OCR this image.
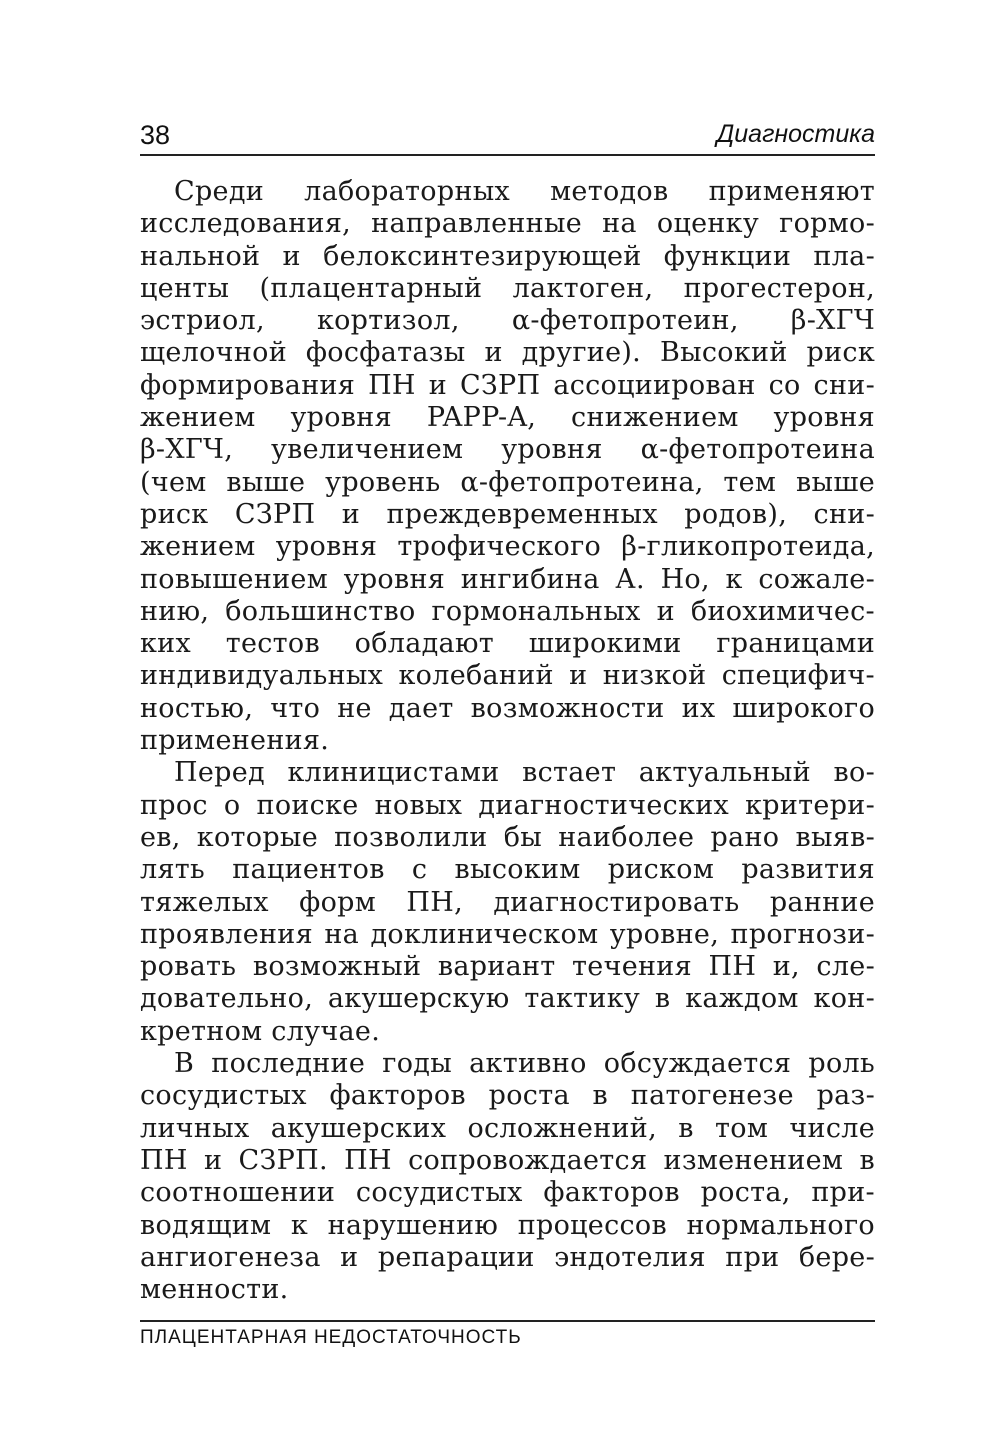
38	Диагностика
Среди лабораторных методов применяют
исследования, направленные на оценку гормо-
нальной и белоксинтезирующей функции пла-
центы (плацентарный лактоген, прогестерон,
эстриол, кортизол, α-фетопротеин, β-ХГЧ
щелочной фосфатазы и другие). Высокий риск
формирования ПН и СЗРП ассоциирован со сни-
жением уровня PAPP-A, снижением уровня
β-ХГЧ, увеличением уровня α-фетопротеина
(чем выше уровень α-фетопротеина, тем выше
риск СЗРП и преждевременных родов), сни-
жением уровня трофического β-гликопротеида,
повышением уровня ингибина А. Но, к сожале-
нию, большинство гормональных и биохимичес-
ких тестов обладают широкими границами
индивидуальных колебаний и низкой специфич-
ностью, что не дает возможности их широкого
применения.
Перед клиницистами встает актуальный во-
прос о поиске новых диагностических критери-
ев, которые позволили бы наиболее рано выяв-
лять пациентов с высоким риском развития
тяжелых форм ПН, диагностировать ранние
проявления на доклиническом уровне, прогнози-
ровать возможный вариант течения ПН и, сле-
довательно, акушерскую тактику в каждом кон-
кретном случае.
В последние годы активно обсуждается роль
сосудистых факторов роста в патогенезе раз-
личных акушерских осложнений, в том числе
ПН и СЗРП. ПН сопровождается изменением в
соотношении сосудистых факторов роста, при-
водящим к нарушению процессов нормального
ангиогенеза и репарации эндотелия при бере-
менности.
ПЛАЦЕНТАРНАЯ НЕДОСТАТОЧНОСТЬ
